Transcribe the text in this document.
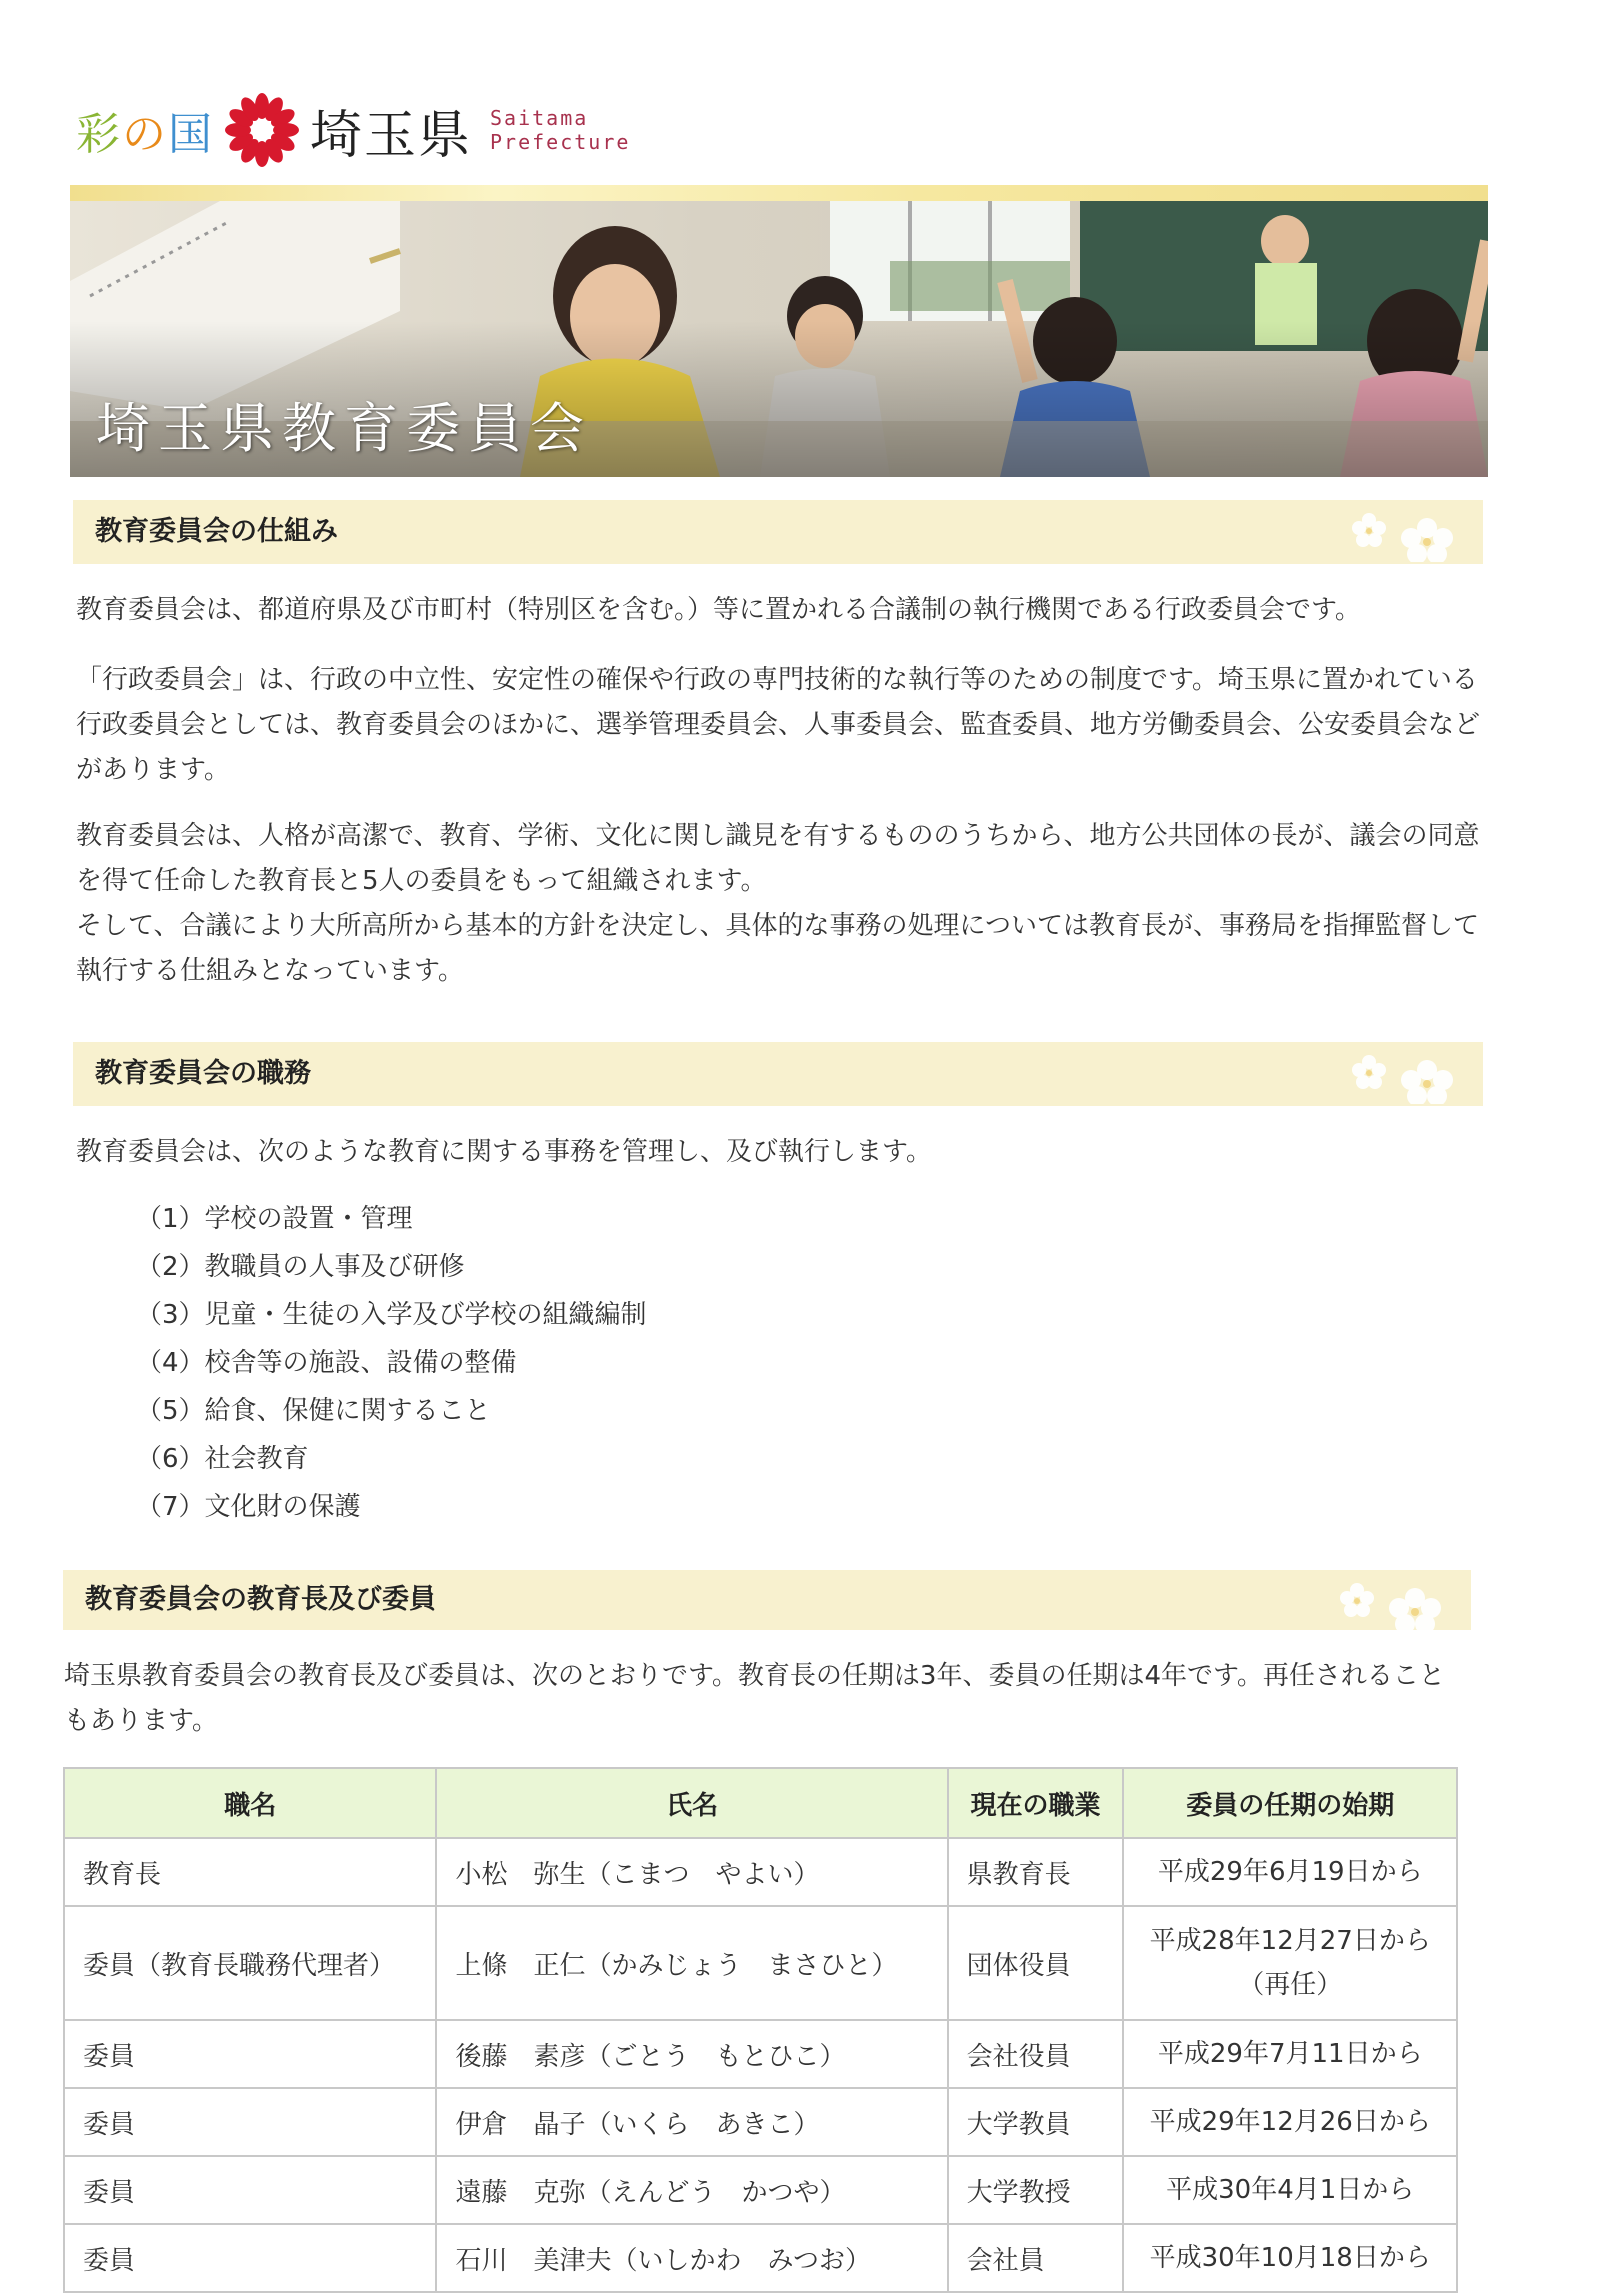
彩の国 埼玉県 Saitama
Prefecture
埼玉県教育委員会
教育委員会の仕組み

教育委員会は、都道府県及び市町村（特別区を含む。）等に置かれる合議制の執行機関である行政委員会です。

「行政委員会」は、行政の中立性、安定性の確保や行政の専門技術的な執行等のための制度です。埼玉県に置かれている行政委員会としては、教育委員会のほかに、選挙管理委員会、人事委員会、監査委員、地方労働委員会、公安委員会などがあります。

教育委員会は、人格が高潔で、教育、学術、文化に関し識見を有するもののうちから、地方公共団体の長が、議会の同意を得て任命した教育長と5人の委員をもって組織されます。

そして、合議により大所高所から基本的方針を決定し、具体的な事務の処理については教育長が、事務局を指揮監督して執行する仕組みとなっています。

教育委員会の職務

教育委員会は、次のような教育に関する事務を管理し、及び執行します。

（1）学校の設置・管理
（2）教職員の人事及び研修
（3）児童・生徒の入学及び学校の組織編制
（4）校舎等の施設、設備の整備
（5）給食、保健に関すること
（6）社会教育
（7）文化財の保護
教育委員会の教育長及び委員

埼玉県教育委員会の教育長及び委員は、次のとおりです。教育長の任期は3年、委員の任期は4年です。再任されることもあります。

職名	氏名	現在の職業	委員の任期の始期
教育長	小松　弥生（こまつ　やよい）	県教育長	平成29年6月19日から
委員（教育長職務代理者）	上條　正仁（かみじょう　まさひと）	団体役員	平成28年12月27日から
（再任）
委員	後藤　素彦（ごとう　もとひこ）	会社役員	平成29年7月11日から
委員	伊倉　晶子（いくら　あきこ）	大学教員	平成29年12月26日から
委員	遠藤　克弥（えんどう　かつや）	大学教授	平成30年4月1日から
委員	石川　美津夫（いしかわ　みつお）	会社員	平成30年10月18日から
